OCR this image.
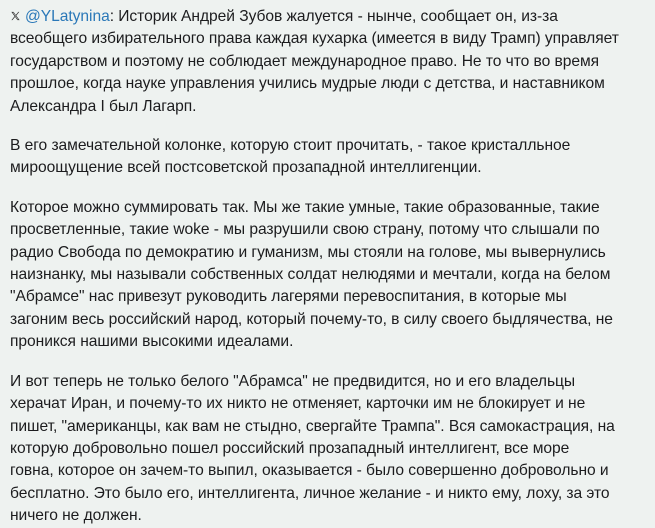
@YLatynina: Историк Андрей Зубов жалуется - нынче, сообщает он, из-за
всеобщего избирательного права каждая кухарка (имеется в виду Трамп) управляет
государством и поэтому не соблюдает международное право. Не то что во время
прошлое, когда науке управления учились мудрые люди с детства, и наставником
Александра I был Лагарп.

В его замечательной колонке, которую стоит прочитать, - такое кристалльное
мироощущение всей постсоветской прозападной интеллигенции.

Которое можно суммировать так. Мы же такие умные, такие образованные, такие
просветленные, такие woke - мы разрушили свою страну, потому что слышали по
радио Свобода по демократию и гуманизм, мы стояли на голове, мы вывернулись
наизнанку, мы называли собственных солдат нелюдями и мечтали, когда на белом
"Абрамсе" нас привезут руководить лагерями перевоспитания, в которые мы
загоним весь российский народ, который почему-то, в силу своего быдлячества, не
проникся нашими высокими идеалами.

И вот теперь не только белого "Абрамса" не предвидится, но и его владельцы
херачат Иран, и почему-то их никто не отменяет, карточки им не блокирует и не
пишет, "американцы, как вам не стыдно, свергайте Трампа". Вся самокастрация, на
которую добровольно пошел российский прозападный интеллигент, все море
говна, которое он зачем-то выпил, оказывается - было совершенно добровольно и
бесплатно. Это было его, интеллигента, личное желание - и никто ему, лоху, за это
ничего не должен.
